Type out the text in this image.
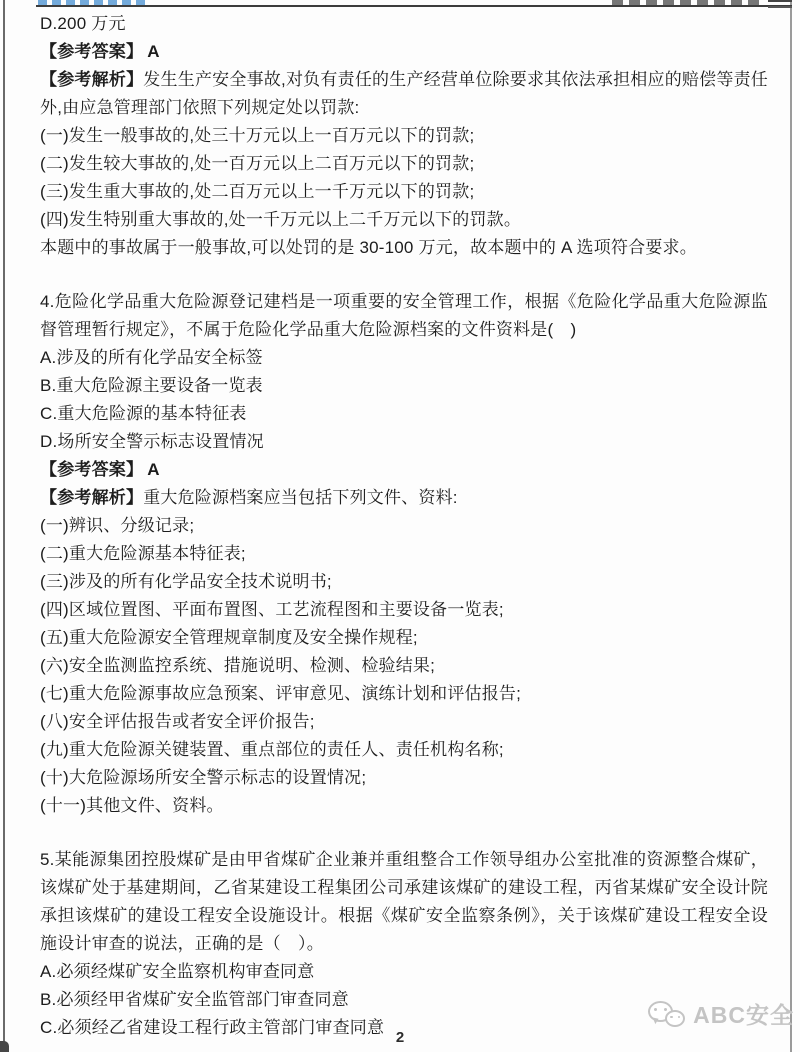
D.200 万元

【参考答案】 A

【参考解析】发生生产安全事故,对负有责任的生产经营单位除要求其依法承担相应的赔偿等责任外,由应急管理部门依照下列规定处以罚款:

(一)发生一般事故的,处三十万元以上一百万元以下的罚款;

(二)发生较大事故的,处一百万元以上二百万元以下的罚款;

(三)发生重大事故的,处二百万元以上一千万元以下的罚款;

(四)发生特别重大事故的,处一千万元以上二千万元以下的罚款。

本题中的事故属于一般事故,可以处罚的是 30-100 万元，故本题中的 A 选项符合要求。

4.危险化学品重大危险源登记建档是一项重要的安全管理工作，根据《危险化学品重大危险源监督管理暂行规定》，不属于危险化学品重大危险源档案的文件资料是(　)

A.涉及的所有化学品安全标签

B.重大危险源主要设备一览表

C.重大危险源的基本特征表

D.场所安全警示标志设置情况

【参考答案】 A

【参考解析】重大危险源档案应当包括下列文件、资料:

(一)辨识、分级记录;

(二)重大危险源基本特征表;

(三)涉及的所有化学品安全技术说明书;

(四)区域位置图、平面布置图、工艺流程图和主要设备一览表;

(五)重大危险源安全管理规章制度及安全操作规程;

(六)安全监测监控系统、措施说明、检测、检验结果;

(七)重大危险源事故应急预案、评审意见、演练计划和评估报告;

(八)安全评估报告或者安全评价报告;

(九)重大危险源关键装置、重点部位的责任人、责任机构名称;

(十)大危险源场所安全警示标志的设置情况;

(十一)其他文件、资料。

5.某能源集团控股煤矿是由甲省煤矿企业兼并重组整合工作领导组办公室批准的资源整合煤矿，该煤矿处于基建期间，乙省某建设工程集团公司承建该煤矿的建设工程，丙省某煤矿安全设计院承担该煤矿的建设工程安全设施设计。根据《煤矿安全监察条例》，关于该煤矿建设工程安全设施设计审查的说法，正确的是（　）。

A.必须经煤矿安全监察机构审查同意

B.必须经甲省煤矿安全监管部门审查同意

C.必须经乙省建设工程行政主管部门审查同意

2
ABC安全
